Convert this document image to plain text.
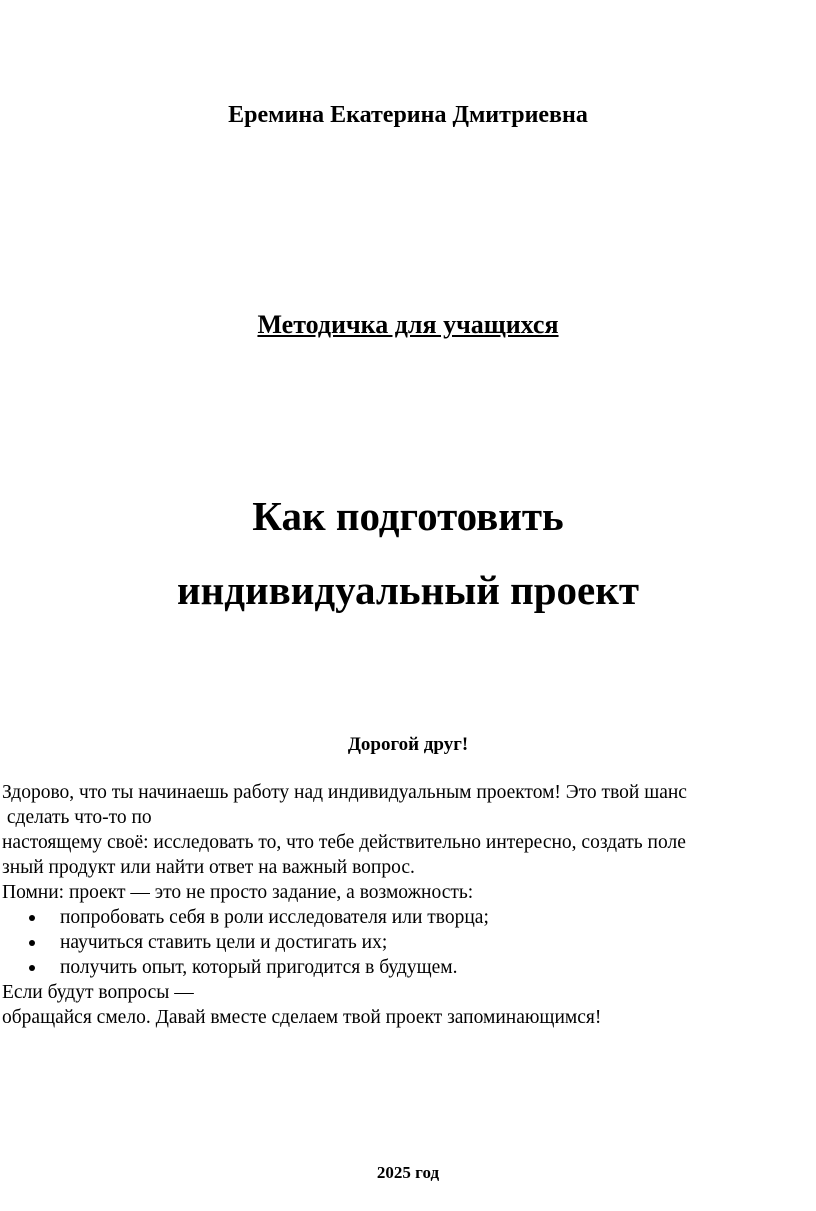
Еремина Екатерина Дмитриевна

Методичка для учащихся

Как подготовить

индивидуальный проект

Дорогой друг!

Здорово, что ты начинаешь работу над индивидуальным проектом! Это твой шанс

сделать что-то по

настоящему своё: исследовать то, что тебе действительно интересно, создать поле

зный продукт или найти ответ на важный вопрос.

Помни: проект — это не просто задание, а возможность:

попробовать себя в роли исследователя или творца;
научиться ставить цели и достигать их;
получить опыт, который пригодится в будущем.

Если будут вопросы —

обращайся смело. Давай вместе сделаем твой проект запоминающимся!

2025 год
